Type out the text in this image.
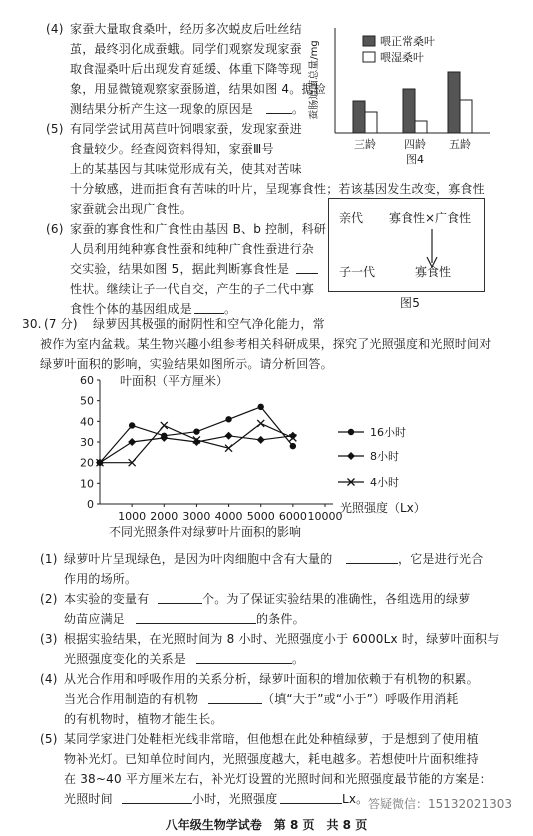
(4) 家蚕大量取食桑叶，经历多次蜕皮后吐丝结
茧，最终羽化成蚕蛾。同学们观察发现家蚕
取食湿桑叶后出现发育延缓、体重下降等现
象，用显微镜观察家蚕肠道，结果如图 4。据检
测结果分析产生这一现象的原因是	。 蚕肠道菌总量/mg	喂正常桑叶
喂湿桑叶
三龄	四龄 五龄
图4
(5) 有同学尝试用莴苣叶饲喂家蚕，发现家蚕进
食量较少。经查阅资料得知，家蚕Ⅲ号
上的某基因与其味觉形成有关，使其对苦味
十分敏感，进而拒食有苦味的叶片，呈现寡食性；若该基因发生改变，寡食性
家蚕就会出现广食性。
(6) 家蚕的寡食性和广食性由基因 B、b 控制，科研
人员利用纯种寡食性蚕和纯种广食性蚕进行杂
交实验，结果如图 5，据此判断寡食性是
性状。继续让子一代自交，产生的子二代中寡
食性个体的基因组成是	。
亲代 寡食性×广食性
子一代	寡食性
图5
30. (7 分) 绿萝因其极强的耐阴性和空气净化能力，常
被作为室内盆栽。某生物兴趣小组参考相关科研成果，探究了光照强度和光照时间对
绿萝叶面积的影响，实验结果如图所示。请分析回答。
叶面积（平方厘米）
光照强度（Lx）
不同光照条件对绿萝叶片面积的影响
0
10
20
30
40
50
60
1000 2000 3000 4000 5000 6000 10000
16小时
8小时
4小时
(1) 绿萝叶片呈现绿色，是因为叶肉细胞中含有大量的	，它是进行光合
作用的场所。
(2) 本实验的变量有	个。为了保证实验结果的准确性，各组选用的绿萝
幼苗应满足	的条件。
(3) 根据实验结果，在光照时间为 8 小时、光照强度小于 6000Lx 时，绿萝叶面积与
光照强度变化的关系是	。
(4) 从光合作用和呼吸作用的关系分析，绿萝叶面积的增加依赖于有机物的积累。
当光合作用制造的有机物	（填“大于”或“小于”）呼吸作用消耗
的有机物时，植物才能生长。
(5) 某同学家进门处鞋柜光线非常暗，但他想在此处种植绿萝，于是想到了使用植
物补光灯。已知单位时间内，光照强度越大，耗电越多。若想使叶片面积维持
在 38~40 平方厘米左右，补光灯设置的光照时间和光照强度最节能的方案是：
光照时间	小时，光照强度	Lx。 答疑微信：15132021303
八年级生物学试卷　第 8 页　共 8 页
